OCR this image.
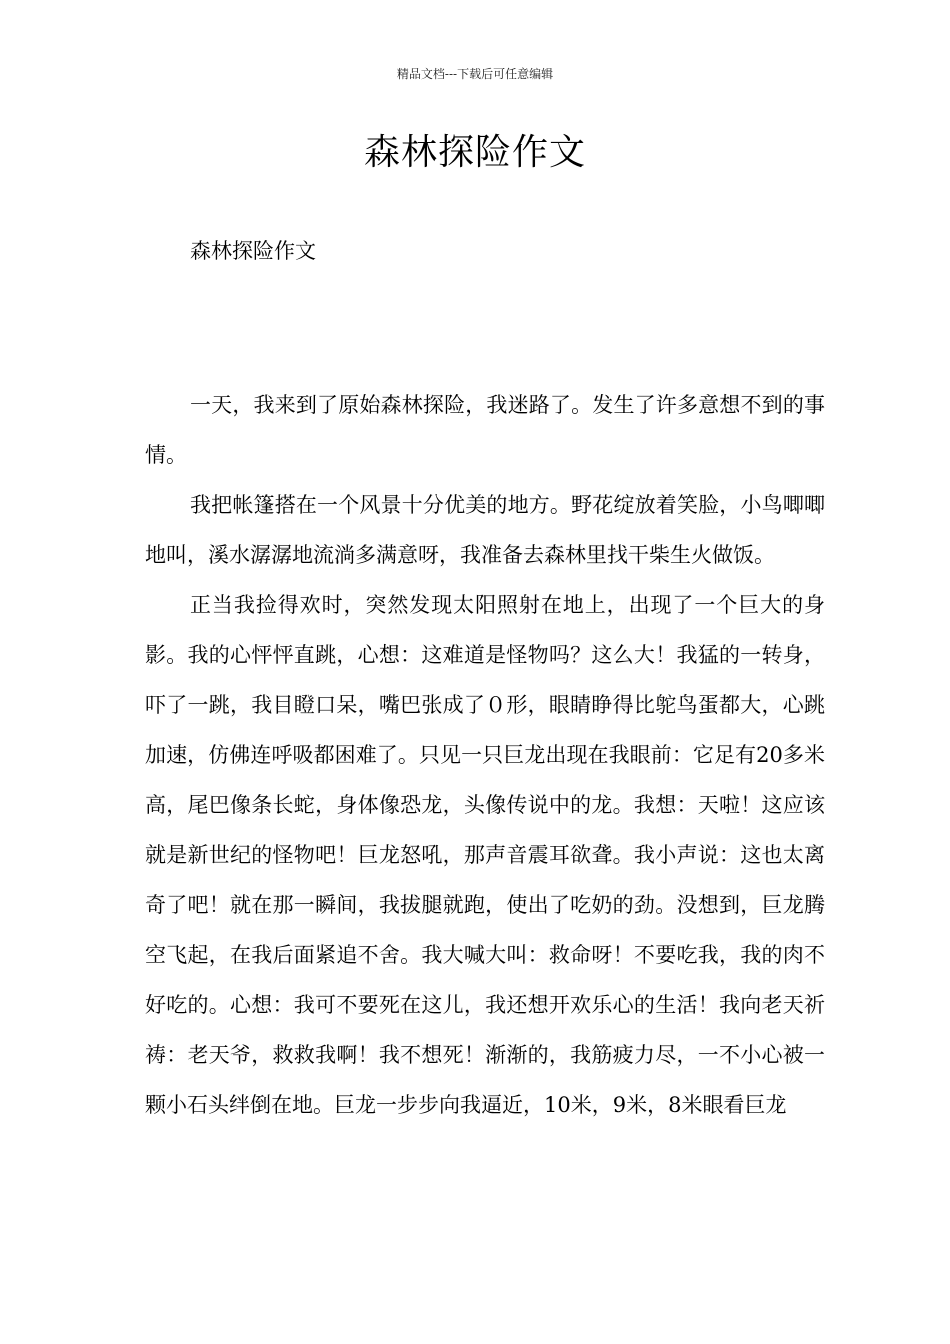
精品文档---下载后可任意编辑
森林探险作文

森林探险作文

一天，我来到了原始森林探险，我迷路了。发生了许多意想不到的事情。

我把帐篷搭在一个风景十分优美的地方。野花绽放着笑脸，小鸟唧唧地叫，溪水潺潺地流淌多满意呀，我准备去森林里找干柴生火做饭。

正当我捡得欢时，突然发现太阳照射在地上，出现了一个巨大的身影。我的心怦怦直跳，心想：这难道是怪物吗？这么大！我猛的一转身，吓了一跳，我目瞪口呆，嘴巴张成了０形，眼睛睁得比鸵鸟蛋都大，心跳加速，仿佛连呼吸都困难了。只见一只巨龙出现在我眼前：它足有20多米高，尾巴像条长蛇，身体像恐龙，头像传说中的龙。我想：天啦！这应该就是新世纪的怪物吧！巨龙怒吼，那声音震耳欲聋。我小声说：这也太离奇了吧！就在那一瞬间，我拔腿就跑，使出了吃奶的劲。没想到，巨龙腾空飞起，在我后面紧追不舍。我大喊大叫：救命呀！不要吃我，我的肉不好吃的。心想：我可不要死在这儿，我还想开欢乐心的生活！我向老天祈祷：老天爷，救救我啊！我不想死！渐渐的，我筋疲力尽，一不小心被一颗小石头绊倒在地。巨龙一步步向我逼近，10米，9米，8米眼看巨龙
